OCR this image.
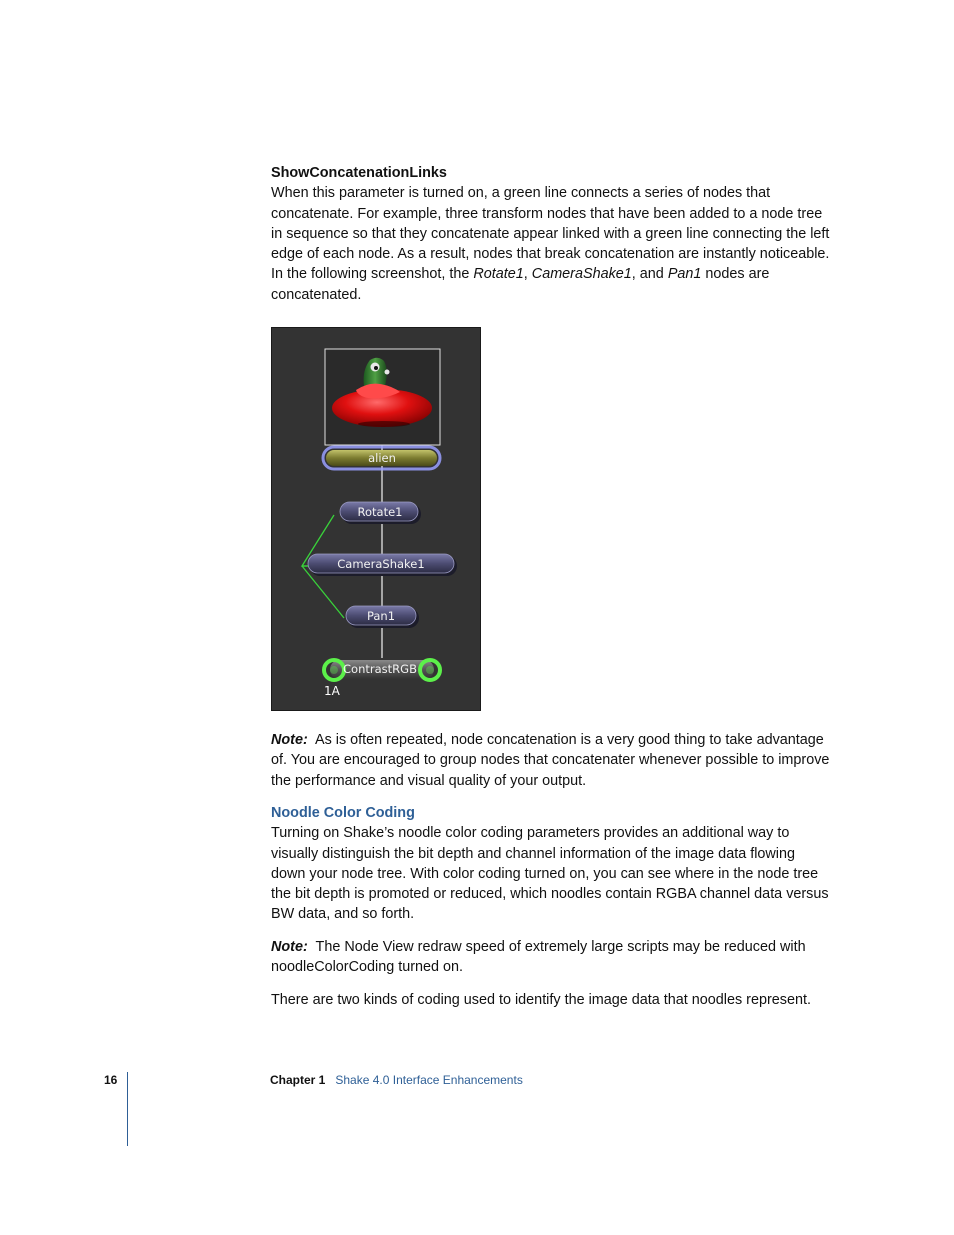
ShowConcatenationLinks

When this parameter is turned on, a green line connects a series of nodes that concatenate. For example, three transform nodes that have been added to a node tree in sequence so that they concatenate appear linked with a green line connecting the left edge of each node. As a result, nodes that break concatenation are instantly noticeable. In the following screenshot, the Rotate1, CameraShake1, and Pan1 nodes are concatenated.

alien
Rotate1
CameraShake1
Pan1
ContrastRGB
1A

Note: As is often repeated, node concatenation is a very good thing to take advantage of. You are encouraged to group nodes that concatenater whenever possible to improve the performance and visual quality of your output.

Noodle Color Coding

Turning on Shake’s noodle color coding parameters provides an additional way to visually distinguish the bit depth and channel information of the image data flowing down your node tree. With color coding turned on, you can see where in the node tree the bit depth is promoted or reduced, which noodles contain RGBA channel data versus BW data, and so forth.

Note: The Node View redraw speed of extremely large scripts may be reduced with noodleColorCoding turned on.

There are two kinds of coding used to identify the image data that noodles represent.

16	Chapter 1 Shake 4.0 Interface Enhancements
